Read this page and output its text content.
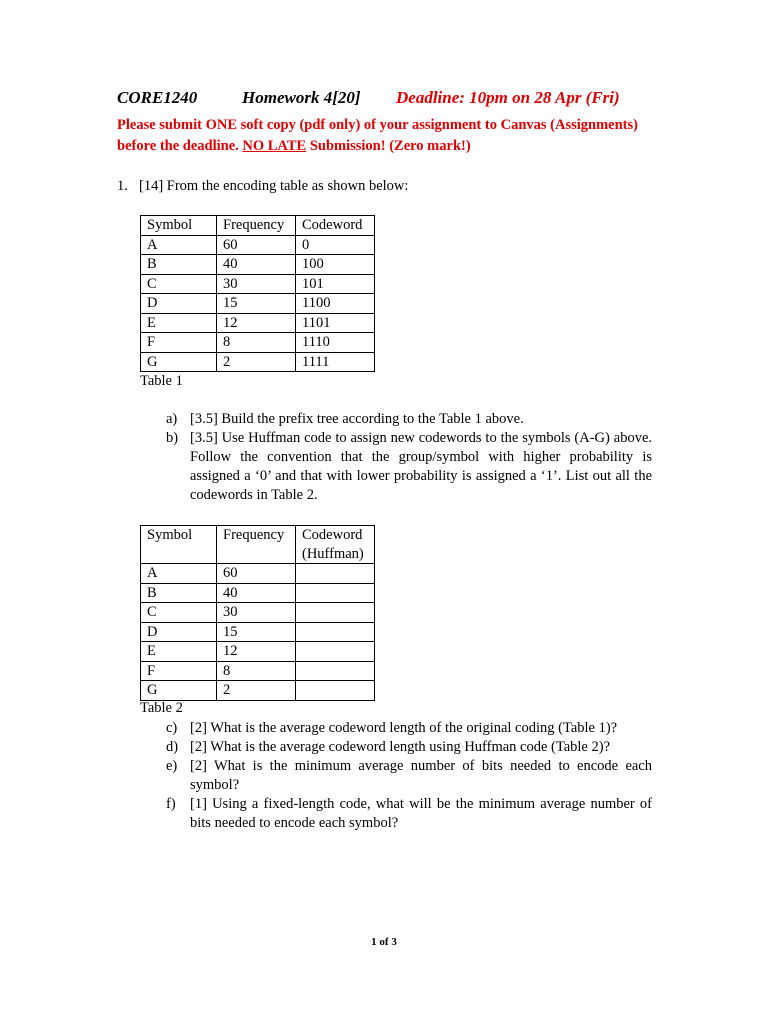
CORE1240	Homework 4[20] Deadline: 10pm on 28 Apr (Fri)
Please submit ONE soft copy (pdf only) of your assignment to Canvas (Assignments) before the deadline. NO LATE Submission! (Zero mark!)
1. [14] From the encoding table as shown below:
Symbol	Frequency	Codeword
A	60	0
B	40	100
C	30	101
D	15	1100
E	12	1101
F	8	1110
G	2	1111
Table 1
a) [3.5] Build the prefix tree according to the Table 1 above.
b) [3.5] Use Huffman code to assign new codewords to the symbols (A-G) above. Follow the convention that the group/symbol with higher probability is assigned a ‘0’ and that with lower probability is assigned a ‘1’. List out all the codewords in Table 2.
Symbol	Frequency	Codeword (Huffman)
A	60	
B	40	
C	30	
D	15	
E	12	
F	8	
G	2	
Table 2
c) [2] What is the average codeword length of the original coding (Table 1)?
d) [2] What is the average codeword length using Huffman code (Table 2)?
e) [2] What is the minimum average number of bits needed to encode each symbol?
f) [1] Using a fixed-length code, what will be the minimum average number of bits needed to encode each symbol?
1 of 3
